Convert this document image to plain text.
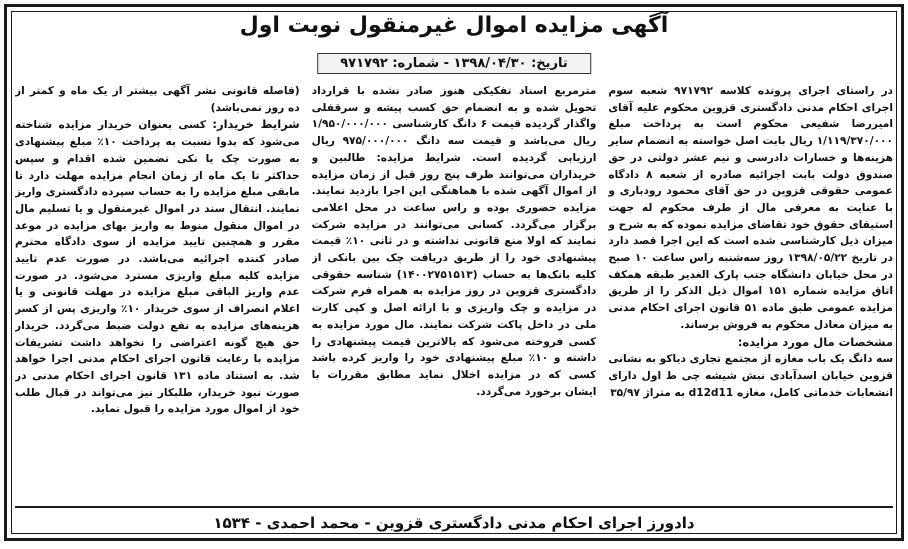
آگهی مزایده اموال غیرمنقول نوبت اول
تاریخ: ۱۳۹۸/۰۴/۳۰ - شماره: ۹۷۱۷۹۲

در راستای اجرای پرونده کلاسه ۹۷۱۷۹۲ شعبه سوم اجرای احکام مدنی دادگستری قزوین محکوم علیه آقای امیررضا شفیعی محکوم است به پرداخت مبلغ ۱/۱۱۹/۳۷۰/۰۰۰ ریال بابت اصل خواسته به انضمام سایر هزینه‌ها و خسارات دادرسی و نیم عشر دولتی در حق صندوق دولت بابت اجرائیه صادره از شعبه ۸ دادگاه عمومی حقوقی قزوین در حق آقای محمود رودباری و با عنایت به معرفی مال از طرف محکوم له جهت استیفای حقوق خود تقاضای مزایده نموده که به شرح و میزان ذیل کارشناسی شده است که این اجرا قصد دارد در تاریخ ۱۳۹۸/۰۵/۲۲ روز سه‌شنبه راس ساعت ۱۰ صبح در محل خیابان دانشگاه جنب پارک الغدیر طبقه همکف اتاق مزایده شماره ۱۵۱ اموال ذیل الذکر را از طریق مزایده عمومی طبق ماده ۵۱ قانون اجرای احکام مدنی به میزان معادل محکوم به فروش برساند.

مشخصات مال مورد مزایده:

سه دانگ یک باب مغازه از مجتمع تجاری دیاکو به نشانی قزوین خیابان اسدآبادی نبش شیشه چی ط اول دارای انشعابات خدماتی کامل، مغازه d12d11 به متراژ ۳۵/۹۷

مترمربع اسناد تفکیکی هنوز صادر نشده با قرارداد تحویل شده و به انضمام حق کسب پیشه و سرقفلی واگذار گردیده قیمت ۶ دانگ کارشناسی ۱/۹۵۰/۰۰۰/۰۰۰ ریال می‌باشد و قیمت سه دانگ ۹۷۵/۰۰۰/۰۰۰ ریال ارزیابی گردیده است. شرایط مزایده: طالبین و خریداران می‌توانند ظرف پنج روز قبل از زمان مزایده از اموال آگهی شده با هماهنگی این اجرا بازدید نمایند. مزایده حضوری بوده و راس ساعت در محل اعلامی برگزار می‌گردد. کسانی می‌توانند در مزایده شرکت نمایند که اولا منع قانونی نداشته و در ثانی ۱۰٪ قیمت پیشنهادی خود را از طریق دریافت چک بین بانکی از کلیه بانک‌ها به حساب (۱۴۰۰۲۷۵۱۵۱۳) شناسه حقوقی دادگستری قزوین در روز مزایده به همراه فرم شرکت در مزایده و چک واریزی و با ارائه اصل و کپی کارت ملی در داخل پاکت شرکت نمایند. مال مورد مزایده به کسی فروخته می‌شود که بالاترین قیمت پیشنهادی را داشته و ۱۰٪ مبلغ پیشنهادی خود را واریز کرده باشد کسی که در مزایده اخلال نماید مطابق مقررات با ایشان برخورد می‌گردد.

(فاصله قانونی نشر آگهی بیشتر از یک ماه و کمتر از ده روز نمی‌باشد)

شرایط خریدار: کسی بعنوان خریدار مزایده شناخته می‌شود که بدوا نسبت به پرداخت ۱۰٪ مبلغ پیشنهادی به صورت چک یا نکی تضمین شده اقدام و سپس حداکثر تا یک ماه از زمان انجام مزایده مهلت دارد تا مابقی مبلغ مزایده را به حساب سپرده دادگستری واریز نمایند. انتقال سند در اموال غیرمنقول و یا تسلیم مال در اموال منقول منوط به واریز بهای مزایده در موعد مقرر و همچنین تایید مزایده از سوی دادگاه محترم صادر کننده اجرائیه می‌باشد. در صورت عدم تایید مزایده کلیه مبلغ واریزی مسترد می‌شود. در صورت عدم واریز الباقی مبلغ مزایده در مهلت قانونی و یا اعلام انصراف از سوی خریدار ۱۰٪ واریزی پس از کسر هزینه‌های مزایده به نفع دولت ضبط می‌گردد. خریدار حق هیچ گونه اعتراضی را نخواهد داشت تشریفات مزایده با رعایت قانون اجرای احکام مدنی اجرا خواهد شد. به استناد ماده ۱۳۱ قانون اجرای احکام مدنی در صورت نبود خریدار، طلبکار نیز می‌تواند در قبال طلب خود از اموال مورد مزایده را قبول نماید.

دادورز اجرای احکام مدنی دادگستری قزوین - محمد احمدی - ۱۵۳۴
